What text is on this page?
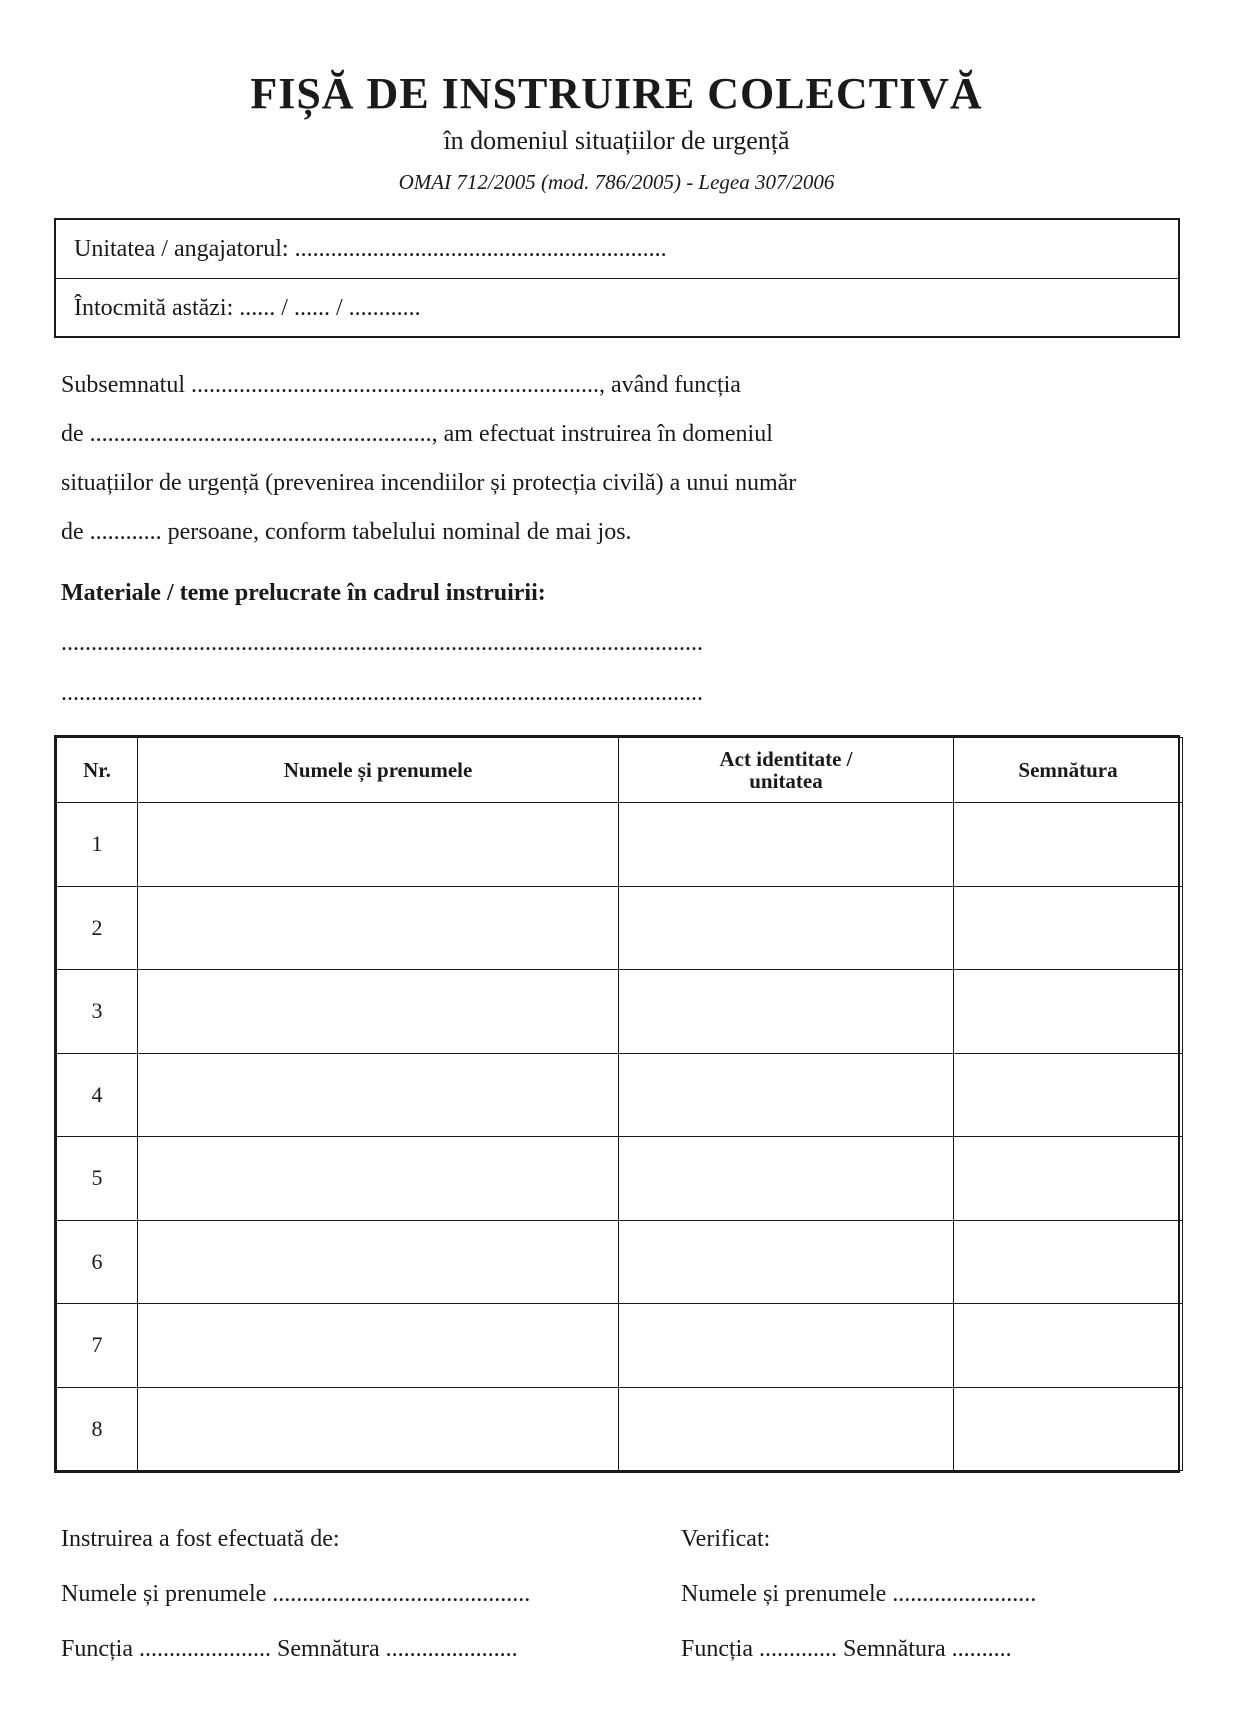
FIȘĂ DE INSTRUIRE COLECTIVĂ
în domeniul situațiilor de urgență
OMAI 712/2005 (mod. 786/2005) - Legea 307/2006
Unitatea / angajatorul: ..............................................................
Întocmită astăzi: ...... / ...... / ............
Subsemnatul ...................................................................., având funcția
de ........................................................., am efectuat instruirea în domeniul
situațiilor de urgență (prevenirea incendiilor și protecția civilă) a unui număr
de ............ persoane, conform tabelului nominal de mai jos.
Materiale / teme prelucrate în cadrul instruirii:
...........................................................................................................
...........................................................................................................
Nr.	Numele și prenumele	Act identitate /
unitatea	Semnătura
1			
2			
3			
4			
5			
6			
7			
8			
Instruirea a fost efectuată de:
Numele și prenumele ...........................................
Funcția ...................... Semnătura ......................
Verificat:
Numele și prenumele ........................
Funcția ............. Semnătura ..........
